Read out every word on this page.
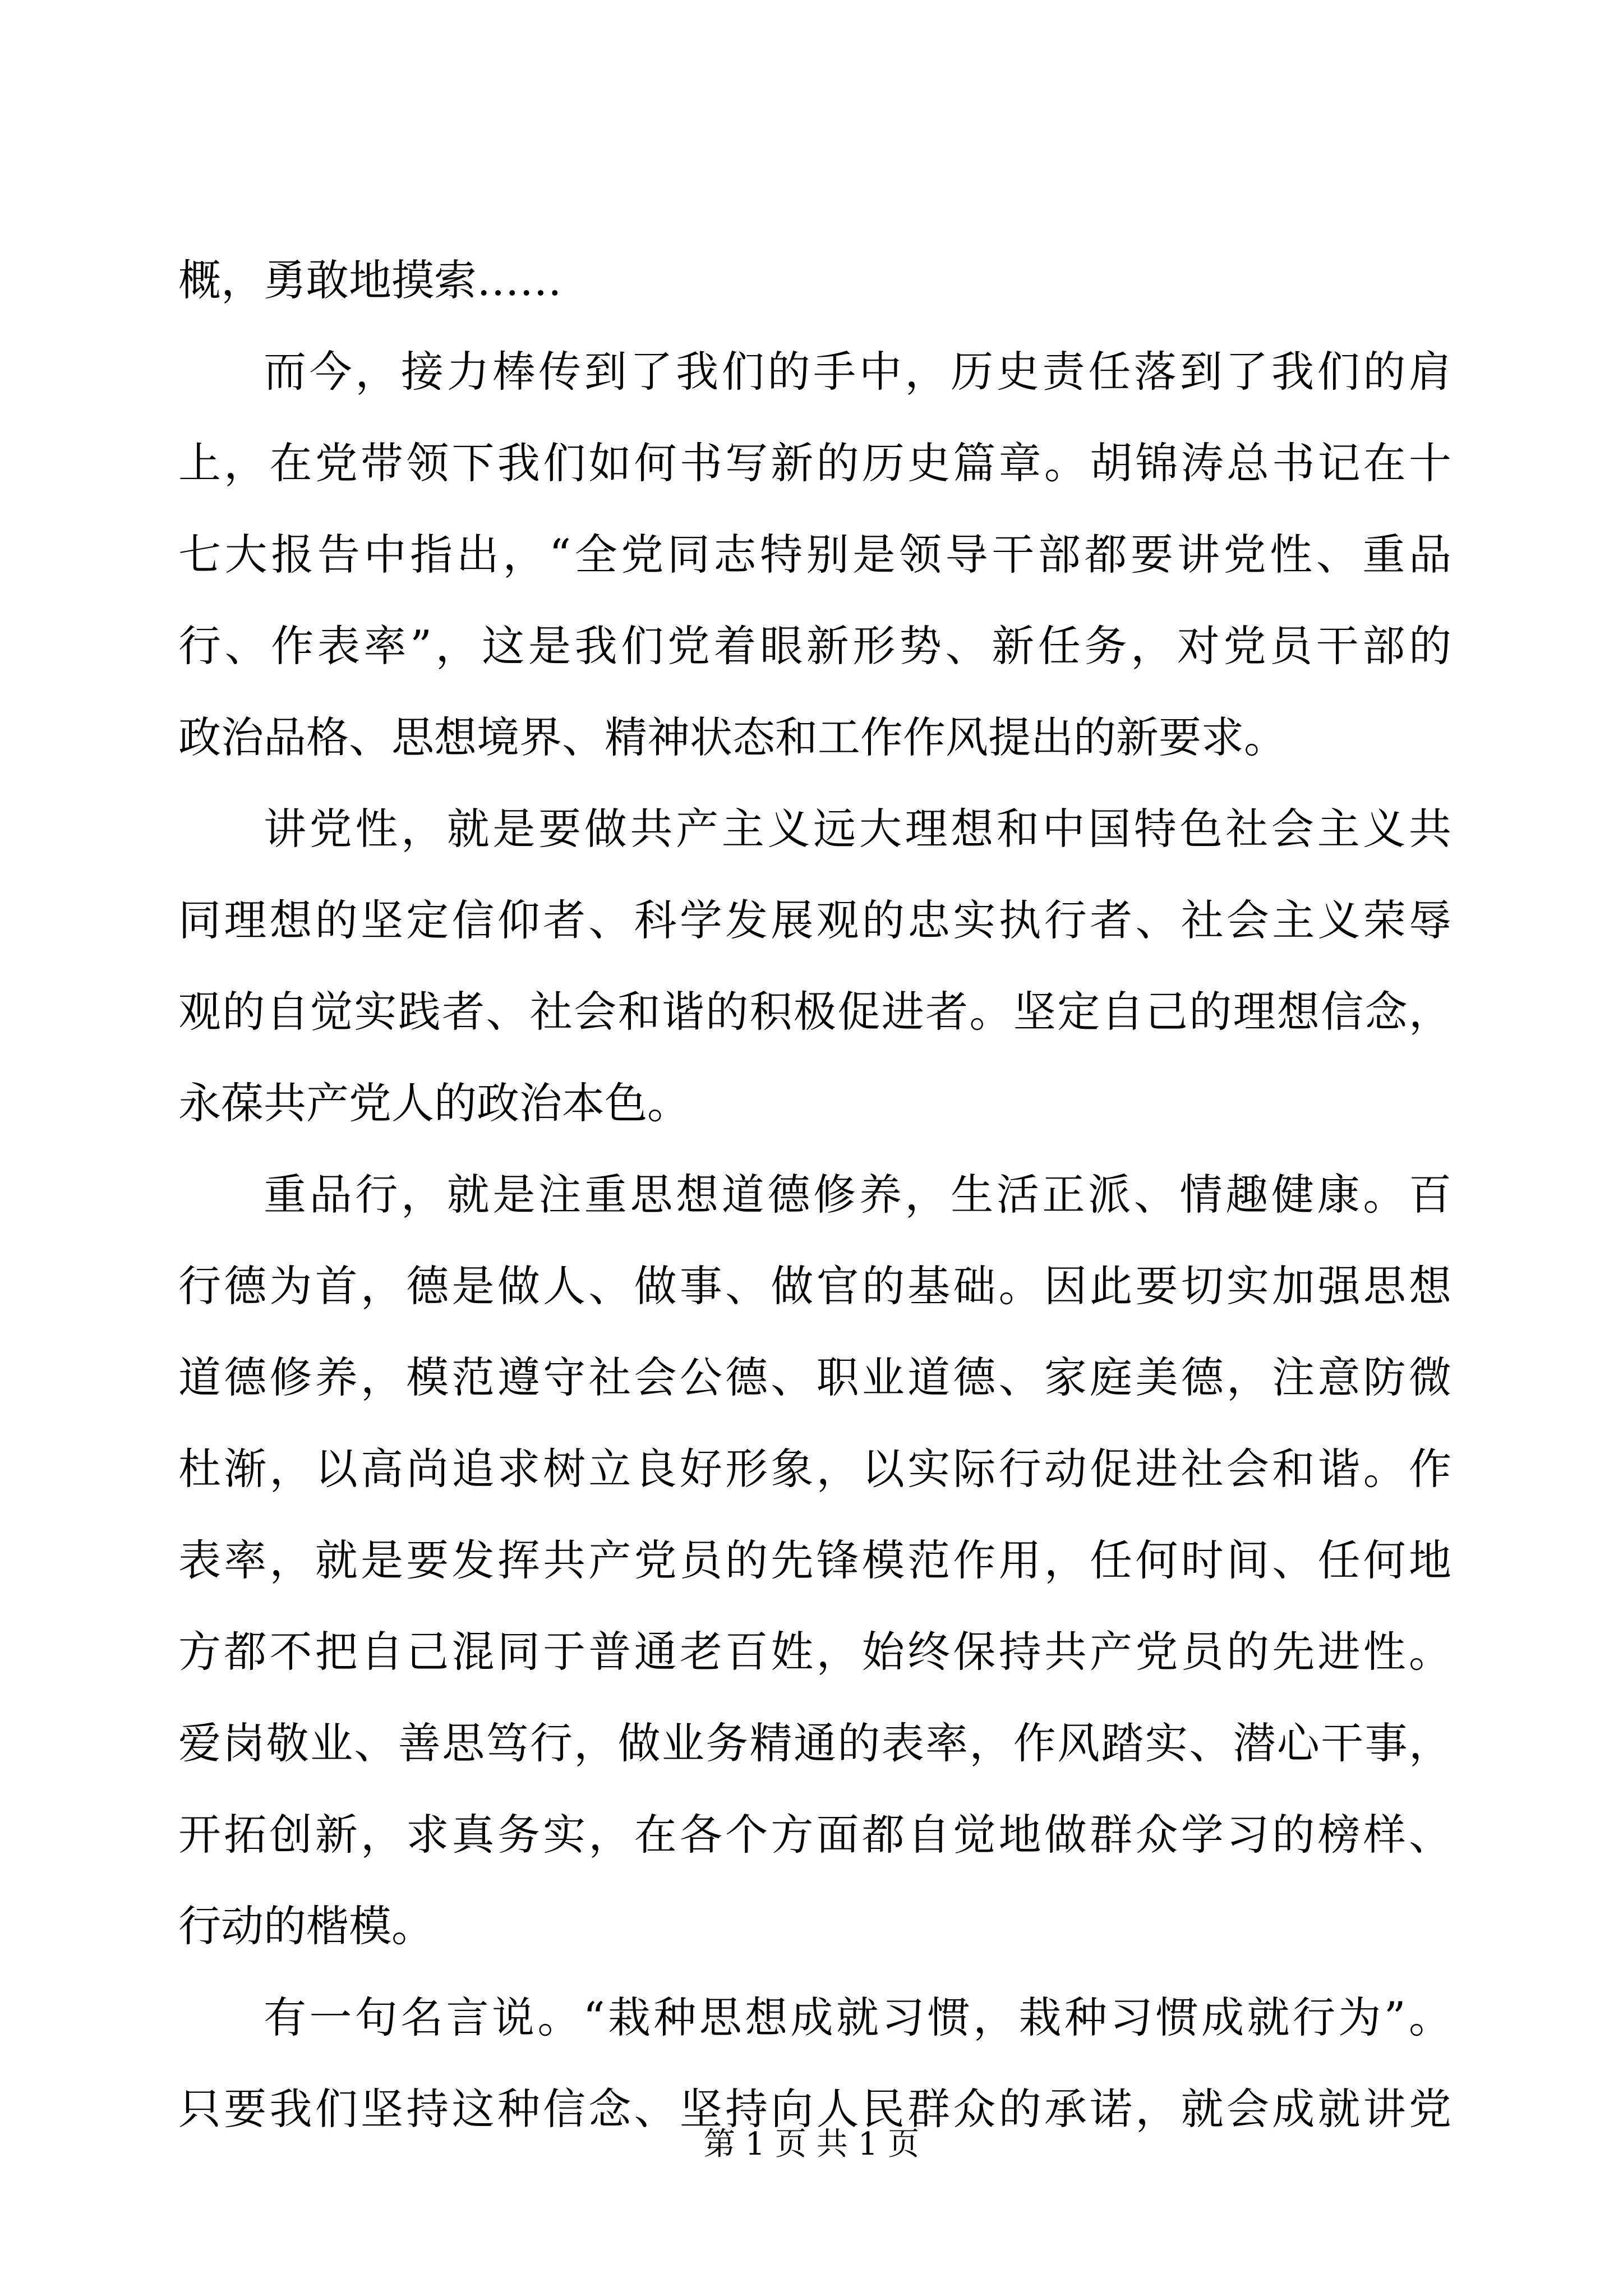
概，勇敢地摸索……
而今，接力棒传到了我们的手中，历史责任落到了我们的肩
上，在党带领下我们如何书写新的历史篇章。胡锦涛总书记在十
七大报告中指出，“全党同志特别是领导干部都要讲党性、重品
行、作表率”，这是我们党着眼新形势、新任务，对党员干部的
政治品格、思想境界、精神状态和工作作风提出的新要求。
讲党性，就是要做共产主义远大理想和中国特色社会主义共
同理想的坚定信仰者、科学发展观的忠实执行者、社会主义荣辱
观的自觉实践者、社会和谐的积极促进者。坚定自己的理想信念，
永葆共产党人的政治本色。
重品行，就是注重思想道德修养，生活正派、情趣健康。百
行德为首，德是做人、做事、做官的基础。因此要切实加强思想
道德修养，模范遵守社会公德、职业道德、家庭美德，注意防微
杜渐，以高尚追求树立良好形象，以实际行动促进社会和谐。作
表率，就是要发挥共产党员的先锋模范作用，任何时间、任何地
方都不把自己混同于普通老百姓，始终保持共产党员的先进性。
爱岗敬业、善思笃行，做业务精通的表率，作风踏实、潜心干事，
开拓创新，求真务实，在各个方面都自觉地做群众学习的榜样、
行动的楷模。
有一句名言说。“栽种思想成就习惯，栽种习惯成就行为”。
只要我们坚持这种信念、坚持向人民群众的承诺，就会成就讲党
第 1 页 共 1 页
